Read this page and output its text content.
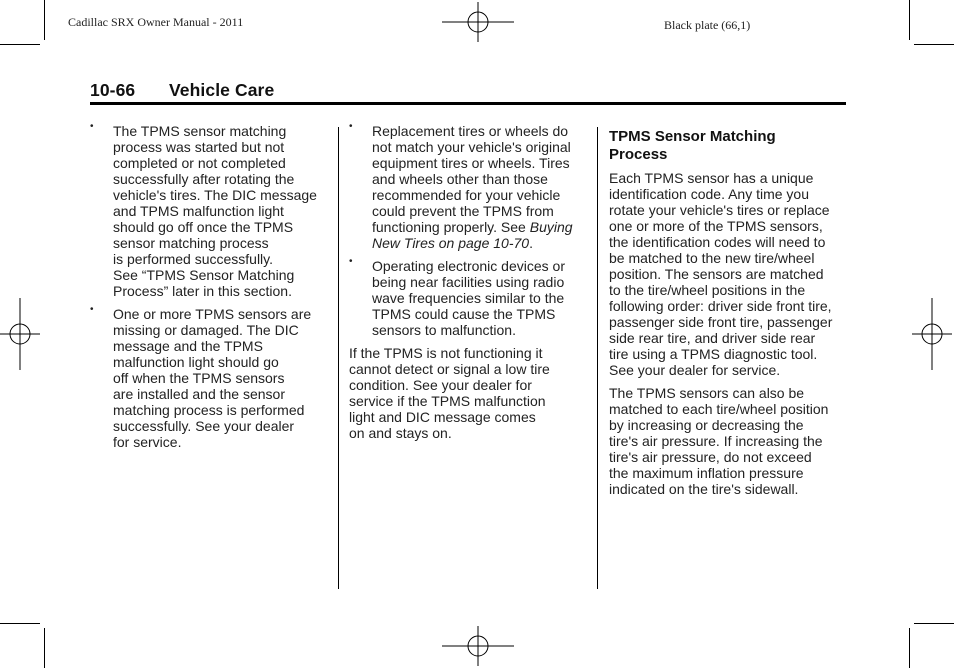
Cadillac SRX Owner Manual - 2011	Black plate (66,1)
10-66 Vehicle Care
• The TPMS sensor matching
process was started but not
completed or not completed
successfully after rotating the
vehicle's tires. The DIC message
and TPMS malfunction light
should go off once the TPMS
sensor matching process
is performed successfully.
See “TPMS Sensor Matching
Process” later in this section.
• One or more TPMS sensors are
missing or damaged. The DIC
message and the TPMS
malfunction light should go
off when the TPMS sensors
are installed and the sensor
matching process is performed
successfully. See your dealer
for service.
• Replacement tires or wheels do
not match your vehicle's original
equipment tires or wheels. Tires
and wheels other than those
recommended for your vehicle
could prevent the TPMS from
functioning properly. See Buying
New Tires on page 10-70.
• Operating electronic devices or
being near facilities using radio
wave frequencies similar to the
TPMS could cause the TPMS
sensors to malfunction.
If the TPMS is not functioning it
cannot detect or signal a low tire
condition. See your dealer for
service if the TPMS malfunction
light and DIC message comes
on and stays on.
TPMS Sensor Matching
Process
Each TPMS sensor has a unique
identification code. Any time you
rotate your vehicle's tires or replace
one or more of the TPMS sensors,
the identification codes will need to
be matched to the new tire/wheel
position. The sensors are matched
to the tire/wheel positions in the
following order: driver side front tire,
passenger side front tire, passenger
side rear tire, and driver side rear
tire using a TPMS diagnostic tool.
See your dealer for service.
The TPMS sensors can also be
matched to each tire/wheel position
by increasing or decreasing the
tire's air pressure. If increasing the
tire's air pressure, do not exceed
the maximum inflation pressure
indicated on the tire's sidewall.
